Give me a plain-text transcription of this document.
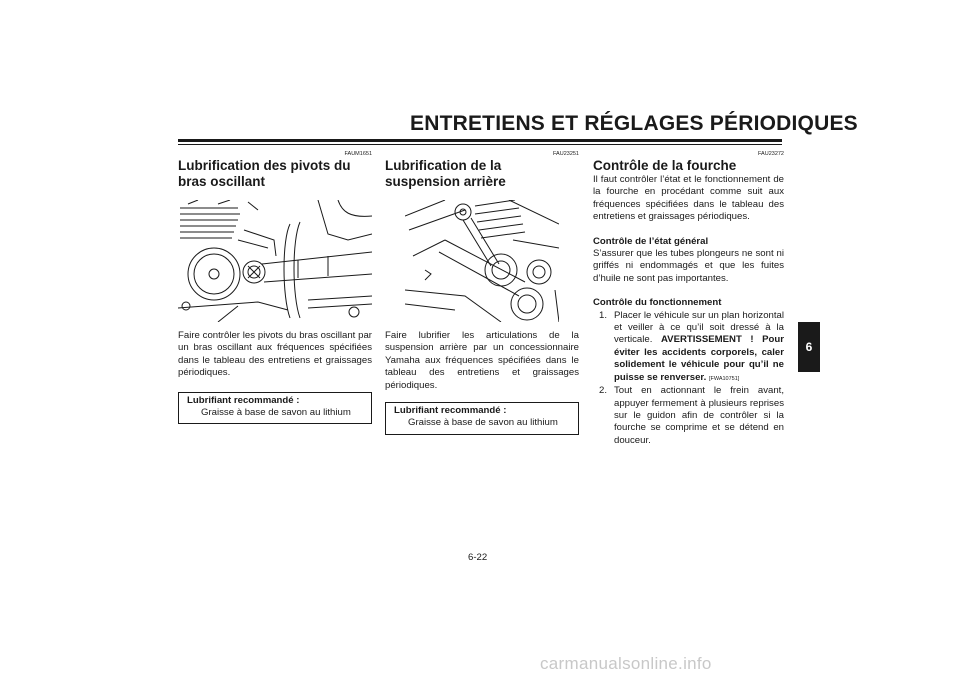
ENTRETIENS ET RÉGLAGES PÉRIODIQUES
FAUM1651
Lubrification des pivots du bras oscillant

Faire contrôler les pivots du bras oscillant par un bras oscillant aux fréquences spécifiées dans le tableau des entretiens et graissages périodiques.

Lubrifiant recommandé :
Graisse à base de savon au lithium
FAU23251
Lubrification de la suspension arrière

Faire lubrifier les articulations de la suspension arrière par un concessionnaire Yamaha aux fréquences spécifiées dans le tableau des entretiens et graissages périodiques.

Lubrifiant recommandé :
Graisse à base de savon au lithium
FAU23272
Contrôle de la fourche

Il faut contrôler l’état et le fonctionnement de la fourche en procédant comme suit aux fréquences spécifiées dans le tableau des entretiens et graissages périodiques.

Contrôle de l’état général

S’assurer que les tubes plongeurs ne sont ni griffés ni endommagés et que les fuites d’huile ne sont pas importantes.

Contrôle du fonctionnement
1. Placer le véhicule sur un plan horizontal et veiller à ce qu’il soit dressé à la verticale. AVERTISSEMENT ! Pour éviter les accidents corporels, caler solidement le véhicule pour qu’il ne puisse se renverser. [FWA10751]
2. Tout en actionnant le frein avant, appuyer fermement à plusieurs reprises sur le guidon afin de contrôler si la fourche se comprime et se détend en douceur.
6
6-22
carmanualsonline.info
